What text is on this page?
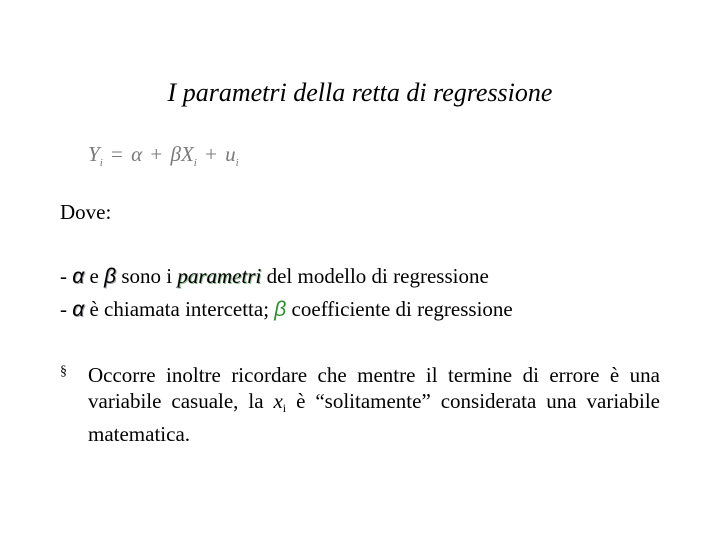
I parametri della retta di regressione
$Y_i = \alpha + \beta X_i + u_i$
Dove:
- α e β sono i parametri del modello di regressione
- α è chiamata intercetta; β coefficiente di regressione
§ Occorre inoltre ricordare che mentre il termine di errore è una variabile casuale, la $x_i$ è “solitamente” considerata una variabile matematica.
